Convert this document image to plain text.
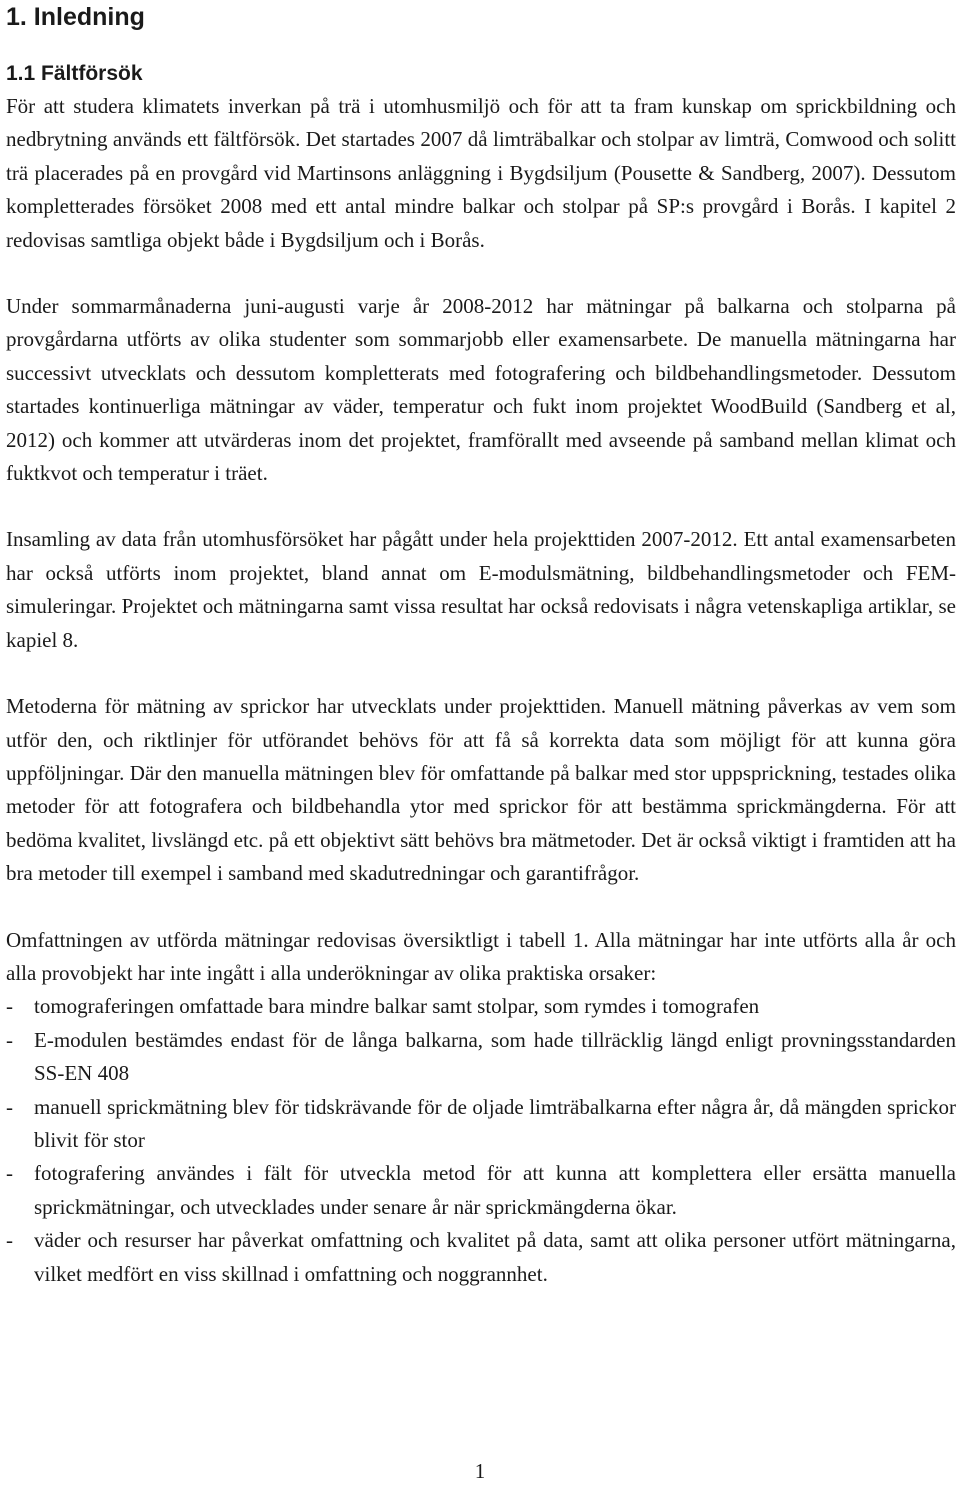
1. Inledning
1.1 Fältförsök

För att studera klimatets inverkan på trä i utomhusmiljö och för att ta fram kunskap om sprickbildning och nedbrytning används ett fältförsök. Det startades 2007 då limträbalkar och stolpar av limträ, Comwood och solitt trä placerades på en provgård vid Martinsons anläggning i Bygdsiljum (Pousette & Sandberg, 2007). Dessutom kompletterades försöket 2008 med ett antal mindre balkar och stolpar på SP:s provgård i Borås. I kapitel 2 redovisas samtliga objekt både i Bygdsiljum och i Borås.

Under sommarmånaderna juni-augusti varje år 2008-2012 har mätningar på balkarna och stolparna på provgårdarna utförts av olika studenter som sommarjobb eller examensarbete. De manuella mätningarna har successivt utvecklats och dessutom kompletterats med fotografering och bildbehandlingsmetoder. Dessutom startades kontinuerliga mätningar av väder, temperatur och fukt inom projektet WoodBuild (Sandberg et al, 2012) och kommer att utvärderas inom det projektet, framförallt med avseende på samband mellan klimat och fuktkvot och temperatur i träet.

Insamling av data från utomhusförsöket har pågått under hela projekttiden 2007-2012. Ett antal examensarbeten har också utförts inom projektet, bland annat om E-modulsmätning, bildbehandlingsmetoder och FEM-simuleringar. Projektet och mätningarna samt vissa resultat har också redovisats i några vetenskapliga artiklar, se kapiel 8.

Metoderna för mätning av sprickor har utvecklats under projekttiden. Manuell mätning påverkas av vem som utför den, och riktlinjer för utförandet behövs för att få så korrekta data som möjligt för att kunna göra uppföljningar. Där den manuella mätningen blev för omfattande på balkar med stor uppsprickning, testades olika metoder för att fotografera och bildbehandla ytor med sprickor för att bestämma sprickmängderna. För att bedöma kvalitet, livslängd etc. på ett objektivt sätt behövs bra mätmetoder. Det är också viktigt i framtiden att ha bra metoder till exempel i samband med skadutredningar och garantifrågor.

Omfattningen av utförda mätningar redovisas översiktligt i tabell 1. Alla mätningar har inte utförts alla år och alla provobjekt har inte ingått i alla underökningar av olika praktiska orsaker:

- tomograferingen omfattade bara mindre balkar samt stolpar, som rymdes i tomografen
- E-modulen bestämdes endast för de långa balkarna, som hade tillräcklig längd enligt provningsstandarden SS-EN 408
- manuell sprickmätning blev för tidskrävande för de oljade limträbalkarna efter några år, då mängden sprickor blivit för stor
- fotografering användes i fält för utveckla metod för att kunna att komplettera eller ersätta manuella sprickmätningar, och utvecklades under senare år när sprickmängderna ökar.
- väder och resurser har påverkat omfattning och kvalitet på data, samt att olika personer utfört mätningarna, vilket medfört en viss skillnad i omfattning och noggrannhet.
1
